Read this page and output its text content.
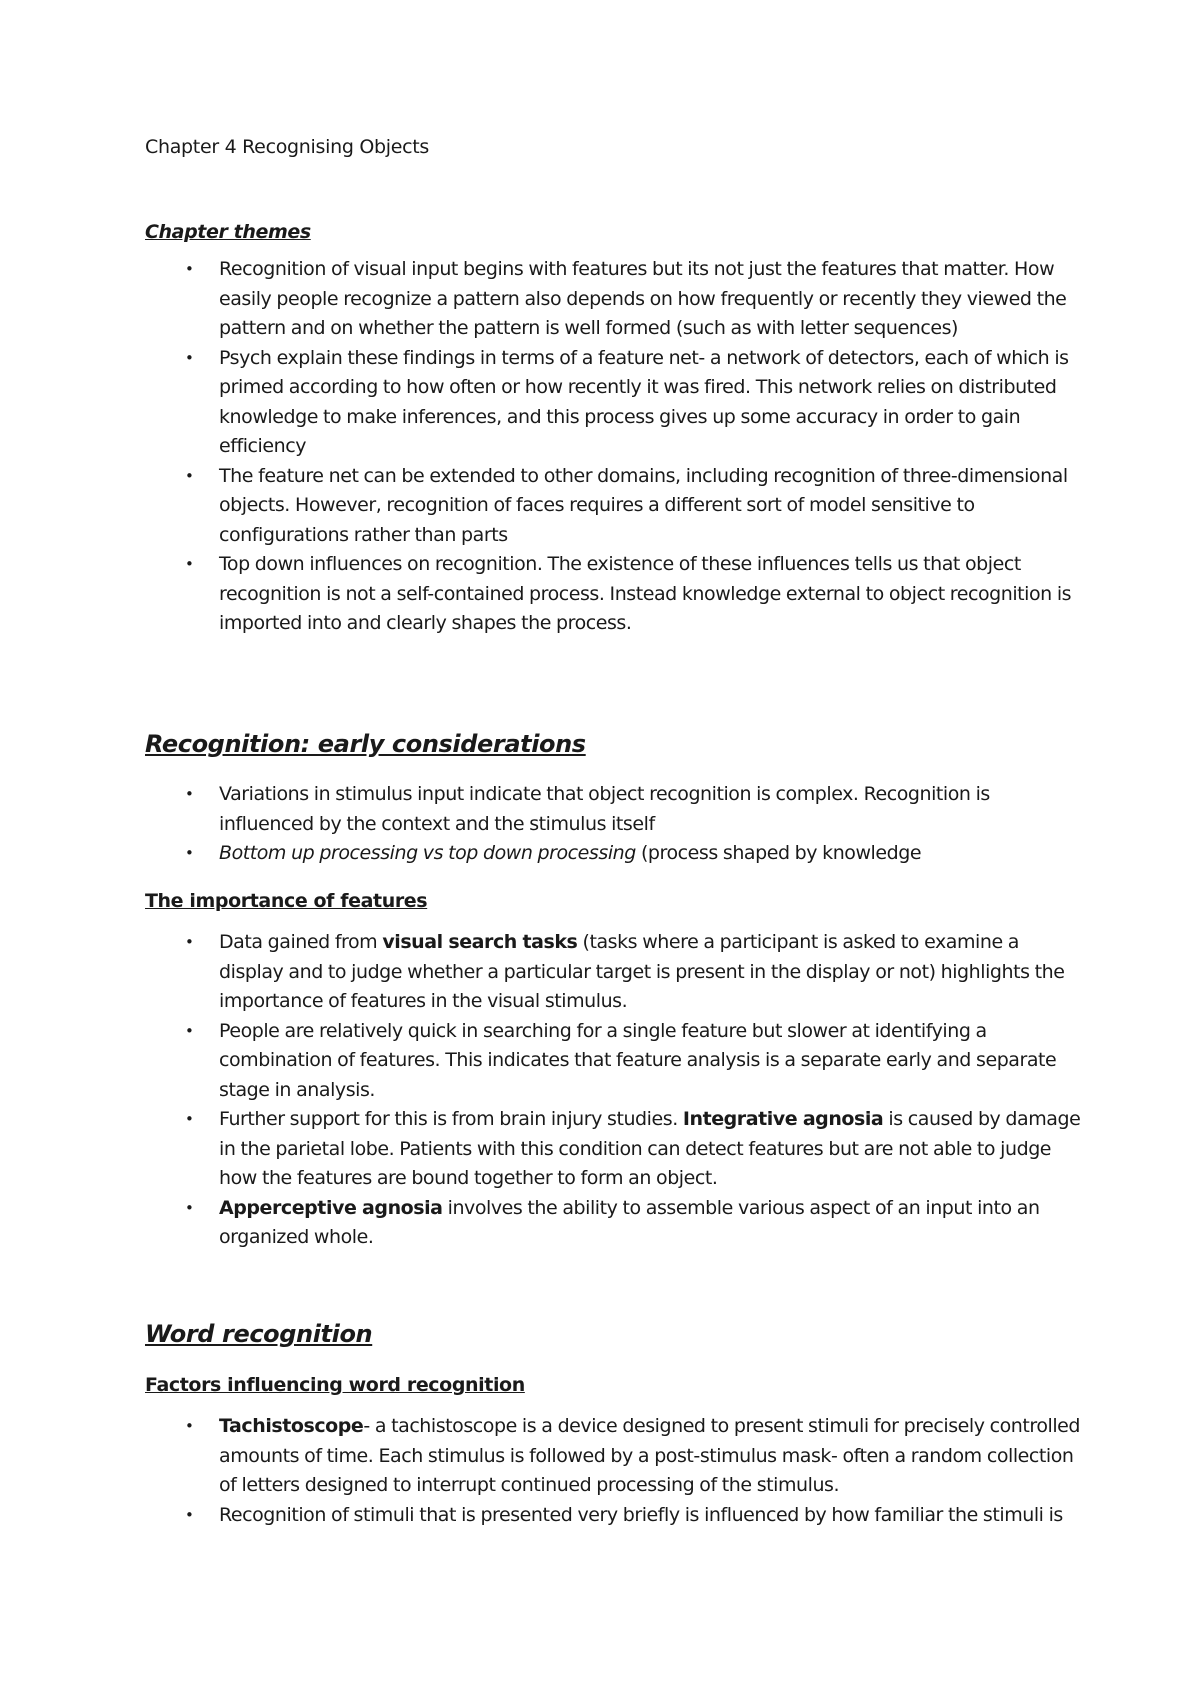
Chapter 4 Recognising Objects
Chapter themes
• Recognition of visual input begins with features but its not just the features that matter. How easily people recognize a pattern also depends on how frequently or recently they viewed the pattern and on whether the pattern is well formed (such as with letter sequences)
• Psych explain these findings in terms of a feature net- a network of detectors, each of which is primed according to how often or how recently it was fired. This network relies on distributed knowledge to make inferences, and this process gives up some accuracy in order to gain efficiency
• The feature net can be extended to other domains, including recognition of three-dimensional objects. However, recognition of faces requires a different sort of model sensitive to configurations rather than parts
• Top down influences on recognition. The existence of these influences tells us that object recognition is not a self-contained process. Instead knowledge external to object recognition is imported into and clearly shapes the process.
Recognition: early considerations
• Variations in stimulus input indicate that object recognition is complex. Recognition is influenced by the context and the stimulus itself
• Bottom up processing vs top down processing (process shaped by knowledge
The importance of features
• Data gained from visual search tasks (tasks where a participant is asked to examine a display and to judge whether a particular target is present in the display or not) highlights the importance of features in the visual stimulus.
• People are relatively quick in searching for a single feature but slower at identifying a combination of features. This indicates that feature analysis is a separate early and separate stage in analysis.
• Further support for this is from brain injury studies. Integrative agnosia is caused by damage in the parietal lobe. Patients with this condition can detect features but are not able to judge how the features are bound together to form an object.
• Apperceptive agnosia involves the ability to assemble various aspect of an input into an organized whole.
Word recognition
Factors influencing word recognition
• Tachistoscope- a tachistoscope is a device designed to present stimuli for precisely controlled amounts of time. Each stimulus is followed by a post-stimulus mask- often a random collection of letters designed to interrupt continued processing of the stimulus.
• Recognition of stimuli that is presented very briefly is influenced by how familiar the stimuli is
